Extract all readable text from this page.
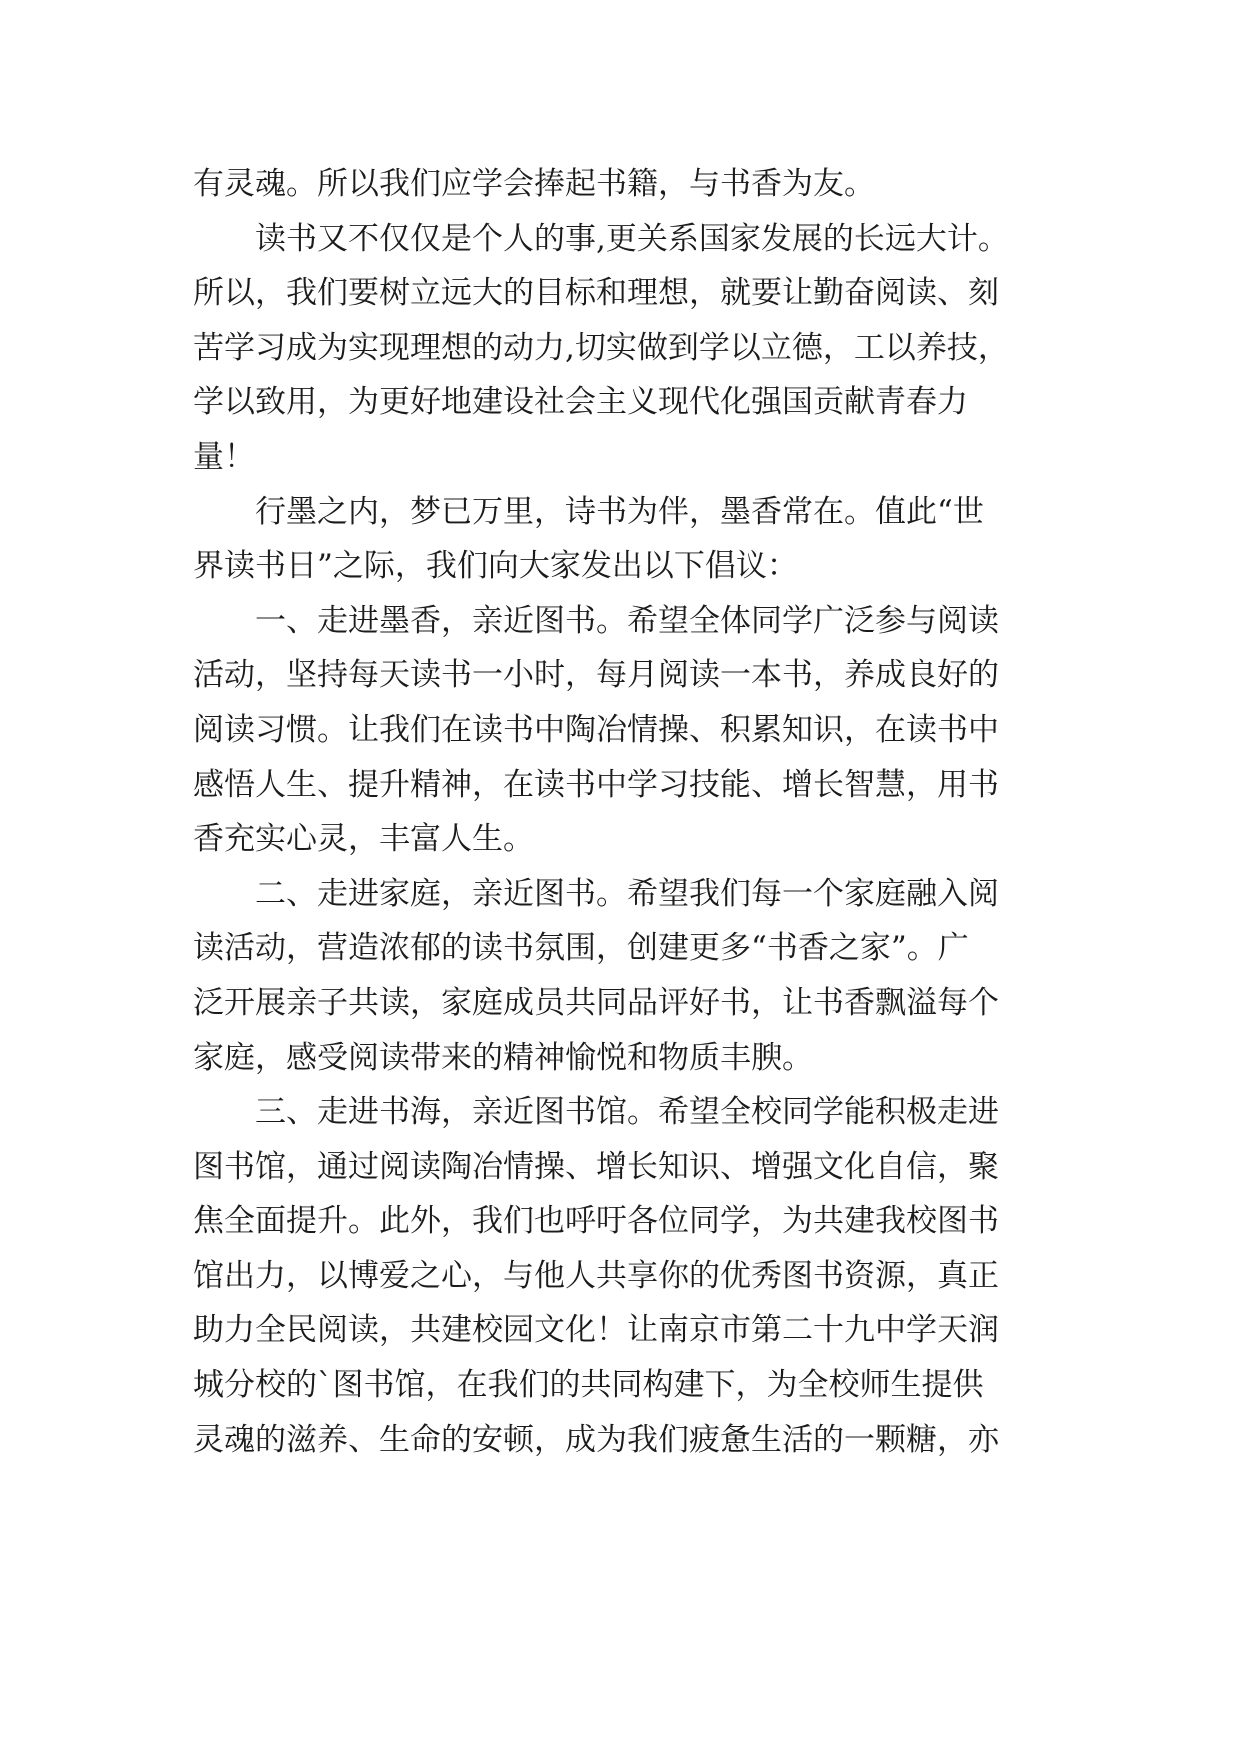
有灵魂。所以我们应学会捧起书籍，与书香为友。
读书又不仅仅是个人的事,更关系国家发展的长远大计。
所以，我们要树立远大的目标和理想，就要让勤奋阅读、刻
苦学习成为实现理想的动力,切实做到学以立德，工以养技，
学以致用，为更好地建设社会主义现代化强国贡献青春力
量！
行墨之内，梦已万里，诗书为伴，墨香常在。值此“世
界读书日”之际，我们向大家发出以下倡议：
一、走进墨香，亲近图书。希望全体同学广泛参与阅读
活动，坚持每天读书一小时，每月阅读一本书，养成良好的
阅读习惯。让我们在读书中陶冶情操、积累知识，在读书中
感悟人生、提升精神，在读书中学习技能、增长智慧，用书
香充实心灵，丰富人生。
二、走进家庭，亲近图书。希望我们每一个家庭融入阅
读活动，营造浓郁的读书氛围，创建更多“书香之家”。广
泛开展亲子共读，家庭成员共同品评好书，让书香飘溢每个
家庭，感受阅读带来的精神愉悦和物质丰腴。
三、走进书海，亲近图书馆。希望全校同学能积极走进
图书馆，通过阅读陶冶情操、增长知识、增强文化自信，聚
焦全面提升。此外，我们也呼吁各位同学，为共建我校图书
馆出力，以博爱之心，与他人共享你的优秀图书资源，真正
助力全民阅读，共建校园文化！让南京市第二十九中学天润
城分校的`图书馆，在我们的共同构建下，为全校师生提供
灵魂的滋养、生命的安顿，成为我们疲惫生活的一颗糖，亦
